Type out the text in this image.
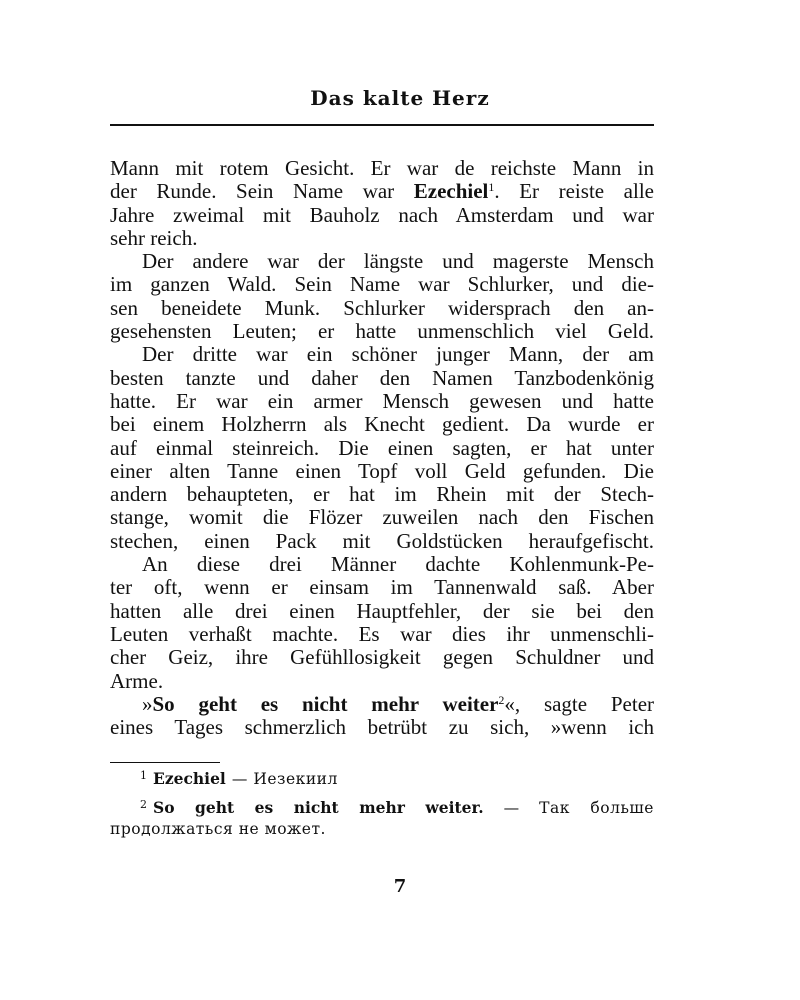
Das kalte Herz
Mann mit rotem Gesicht. Er war de reichste Mann in
der Runde. Sein Name war Ezechiel$^1$. Er reiste alle
Jahre zweimal mit Bauholz nach Amsterdam und war
sehr reich.
Der andere war der längste und magerste Mensch
im ganzen Wald. Sein Name war Schlurker, und die-
sen beneidete Munk. Schlurker widersprach den an-
gesehensten Leuten; er hatte unmenschlich viel Geld.
Der dritte war ein schöner junger Mann, der am
besten tanzte und daher den Namen Tanzbodenkönig
hatte. Er war ein armer Mensch gewesen und hatte
bei einem Holzherrn als Knecht gedient. Da wurde er
auf einmal steinreich. Die einen sagten, er hat unter
einer alten Tanne einen Topf voll Geld gefunden. Die
andern behaupteten, er hat im Rhein mit der Stech-
stange, womit die Flözer zuweilen nach den Fischen
stechen, einen Pack mit Goldstücken heraufgefischt.
An diese drei Männer dachte Kohlenmunk-Pe-
ter oft, wenn er einsam im Tannenwald saß. Aber
hatten alle drei einen Hauptfehler, der sie bei den
Leuten verhaßt machte. Es war dies ihr unmenschli-
cher Geiz, ihre Gefühllosigkeit gegen Schuldner und
Arme.
»So geht es nicht mehr weiter$^2$«, sagte Peter
eines Tages schmerzlich betrübt zu sich, »wenn ich
$^1$ Ezechiel — Иезекиил
$^2$ So geht es nicht mehr weiter. — Так больше
продолжаться не может.
7
